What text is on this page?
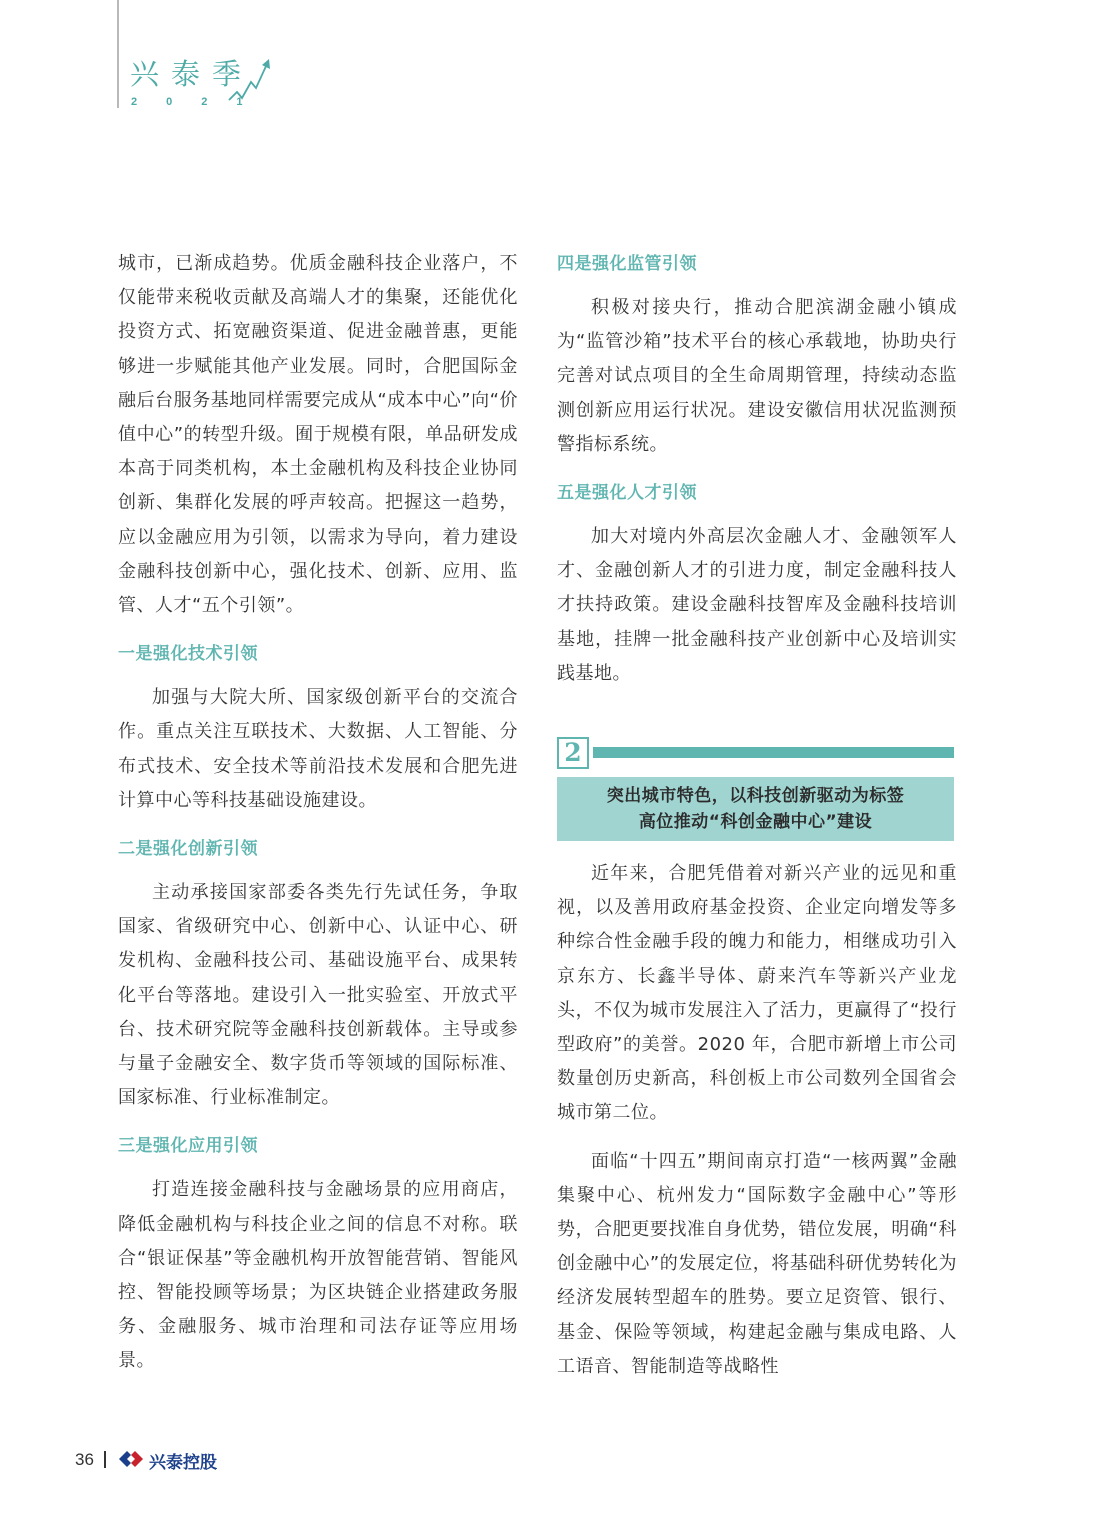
兴泰季
2021

城市，已渐成趋势。优质金融科技企业落户，不仅能带来税收贡献及高端人才的集聚，还能优化投资方式、拓宽融资渠道、促进金融普惠，更能够进一步赋能其他产业发展。同时，合肥国际金融后台服务基地同样需要完成从“成本中心”向“价值中心”的转型升级。囿于规模有限，单品研发成本高于同类机构，本土金融机构及科技企业协同创新、集群化发展的呼声较高。把握这一趋势，应以金融应用为引领，以需求为导向，着力建设金融科技创新中心，强化技术、创新、应用、监管、人才“五个引领”。

一是强化技术引领

加强与大院大所、国家级创新平台的交流合作。重点关注互联技术、大数据、人工智能、分布式技术、安全技术等前沿技术发展和合肥先进计算中心等科技基础设施建设。

二是强化创新引领

主动承接国家部委各类先行先试任务，争取国家、省级研究中心、创新中心、认证中心、研发机构、金融科技公司、基础设施平台、成果转化平台等落地。建设引入一批实验室、开放式平台、技术研究院等金融科技创新载体。主导或参与量子金融安全、数字货币等领域的国际标准、国家标准、行业标准制定。

三是强化应用引领

打造连接金融科技与金融场景的应用商店，降低金融机构与科技企业之间的信息不对称。联合“银证保基”等金融机构开放智能营销、智能风控、智能投顾等场景；为区块链企业搭建政务服务、金融服务、城市治理和司法存证等应用场景。

四是强化监管引领

积极对接央行，推动合肥滨湖金融小镇成为“监管沙箱”技术平台的核心承载地，协助央行完善对试点项目的全生命周期管理，持续动态监测创新应用运行状况。建设安徽信用状况监测预警指标系统。

五是强化人才引领

加大对境内外高层次金融人才、金融领军人才、金融创新人才的引进力度，制定金融科技人才扶持政策。建设金融科技智库及金融科技培训基地，挂牌一批金融科技产业创新中心及培训实践基地。

2
突出城市特色，以科技创新驱动为标签
高位推动“科创金融中心”建设

近年来，合肥凭借着对新兴产业的远见和重视，以及善用政府基金投资、企业定向增发等多种综合性金融手段的魄力和能力，相继成功引入京东方、长鑫半导体、蔚来汽车等新兴产业龙头，不仅为城市发展注入了活力，更赢得了“投行型政府”的美誉。2020 年，合肥市新增上市公司数量创历史新高，科创板上市公司数列全国省会城市第二位。

面临“十四五”期间南京打造“一核两翼”金融集聚中心、杭州发力“国际数字金融中心”等形势，合肥更要找准自身优势，错位发展，明确“科创金融中心”的发展定位，将基础科研优势转化为经济发展转型超车的胜势。要立足资管、银行、基金、保险等领域，构建起金融与集成电路、人工语音、智能制造等战略性

36	兴泰控股
